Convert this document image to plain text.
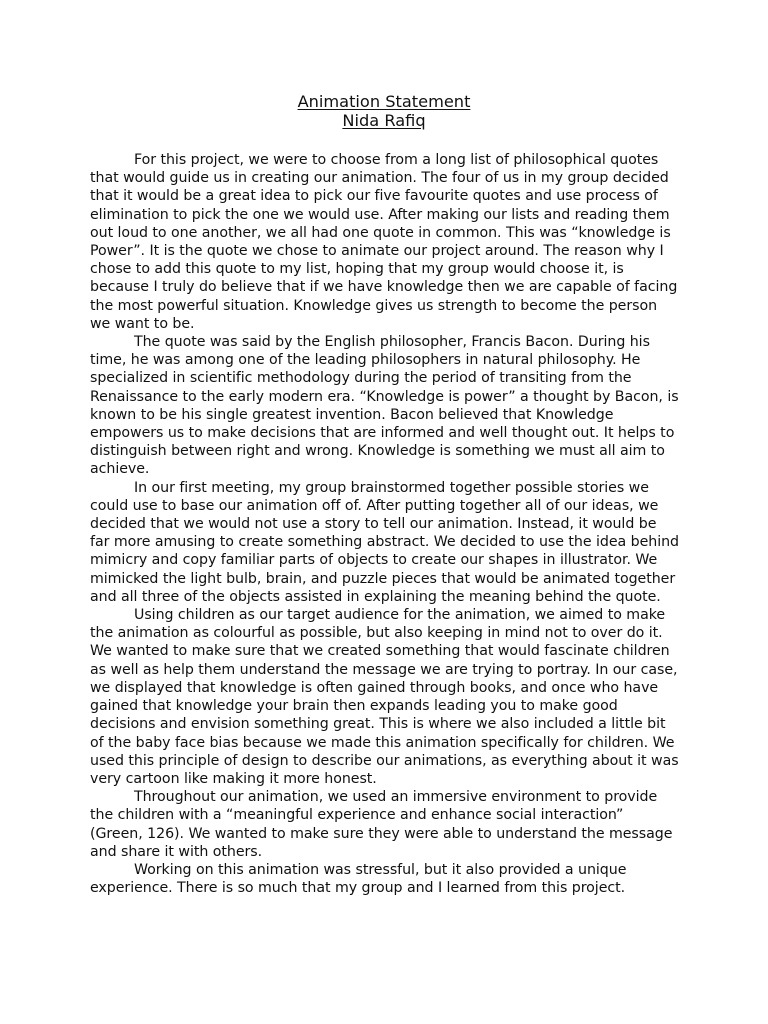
Animation Statement
Nida Rafiq

For this project, we were to choose from a long list of philosophical quotes that would guide us in creating our animation. The four of us in my group decided that it would be a great idea to pick our five favourite quotes and use process of elimination to pick the one we would use. After making our lists and reading them out loud to one another, we all had one quote in common. This was “knowledge is Power”. It is the quote we chose to animate our project around. The reason why I chose to add this quote to my list, hoping that my group would choose it, is because I truly do believe that if we have knowledge then we are capable of facing the most powerful situation. Knowledge gives us strength to become the person we want to be.

The quote was said by the English philosopher, Francis Bacon. During his time, he was among one of the leading philosophers in natural philosophy. He specialized in scientific methodology during the period of transiting from the Renaissance to the early modern era. “Knowledge is power” a thought by Bacon, is known to be his single greatest invention. Bacon believed that Knowledge empowers us to make decisions that are informed and well thought out. It helps to distinguish between right and wrong. Knowledge is something we must all aim to achieve.

In our first meeting, my group brainstormed together possible stories we could use to base our animation off of. After putting together all of our ideas, we decided that we would not use a story to tell our animation. Instead, it would be far more amusing to create something abstract. We decided to use the idea behind mimicry and copy familiar parts of objects to create our shapes in illustrator. We mimicked the light bulb, brain, and puzzle pieces that would be animated together and all three of the objects assisted in explaining the meaning behind the quote.

Using children as our target audience for the animation, we aimed to make the animation as colourful as possible, but also keeping in mind not to over do it. We wanted to make sure that we created something that would fascinate children as well as help them understand the message we are trying to portray. In our case, we displayed that knowledge is often gained through books, and once who have gained that knowledge your brain then expands leading you to make good decisions and envision something great. This is where we also included a little bit of the baby face bias because we made this animation specifically for children. We used this principle of design to describe our animations, as everything about it was very cartoon like making it more honest.

Throughout our animation, we used an immersive environment to provide the children with a “meaningful experience and enhance social interaction” (Green, 126). We wanted to make sure they were able to understand the message and share it with others.

Working on this animation was stressful, but it also provided a unique experience. There is so much that my group and I learned from this project.
